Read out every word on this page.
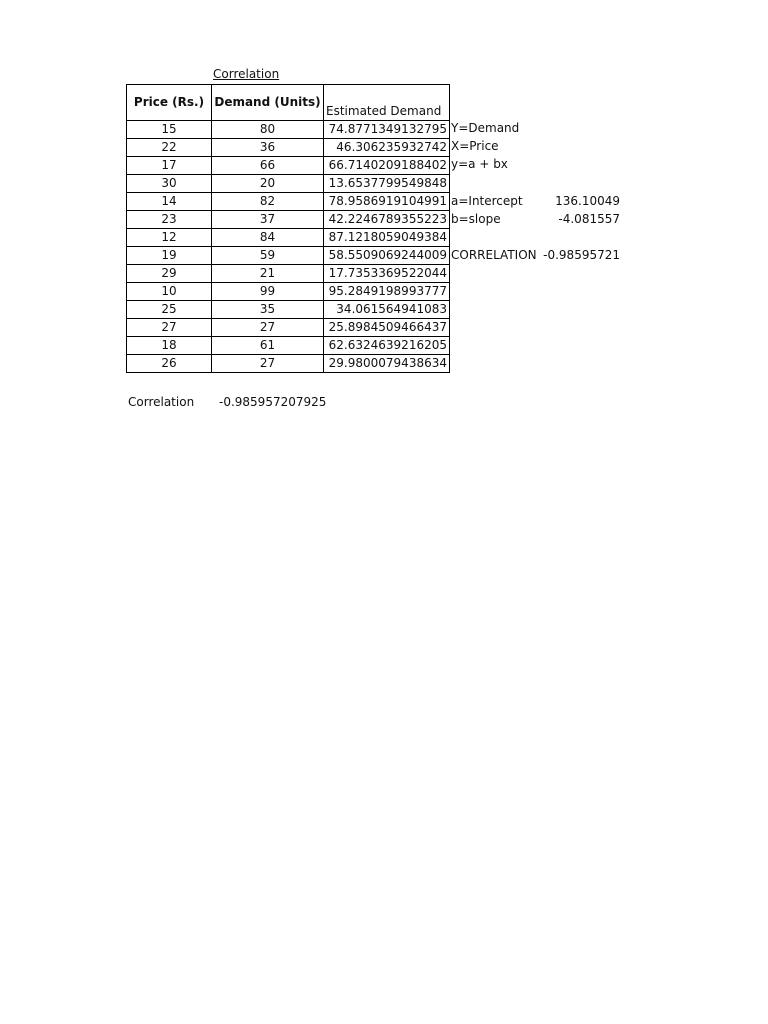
Correlation
Price (Rs.)	Demand (Units)	Estimated Demand
15	80	74.8771349132795
22	36	46.306235932742
17	66	66.7140209188402
30	20	13.6537799549848
14	82	78.9586919104991
23	37	42.2246789355223
12	84	87.1218059049384
19	59	58.5509069244009
29	21	17.7353369522044
10	99	95.2849198993777
25	35	34.061564941083
27	27	25.8984509466437
18	61	62.6324639216205
26	27	29.9800079438634
Y=Demand
X=Price
y=a + bx
a=Intercept	136.10049
b=slope	-4.081557
CORRELATION -0.98595721
Correlation -0.985957207925
